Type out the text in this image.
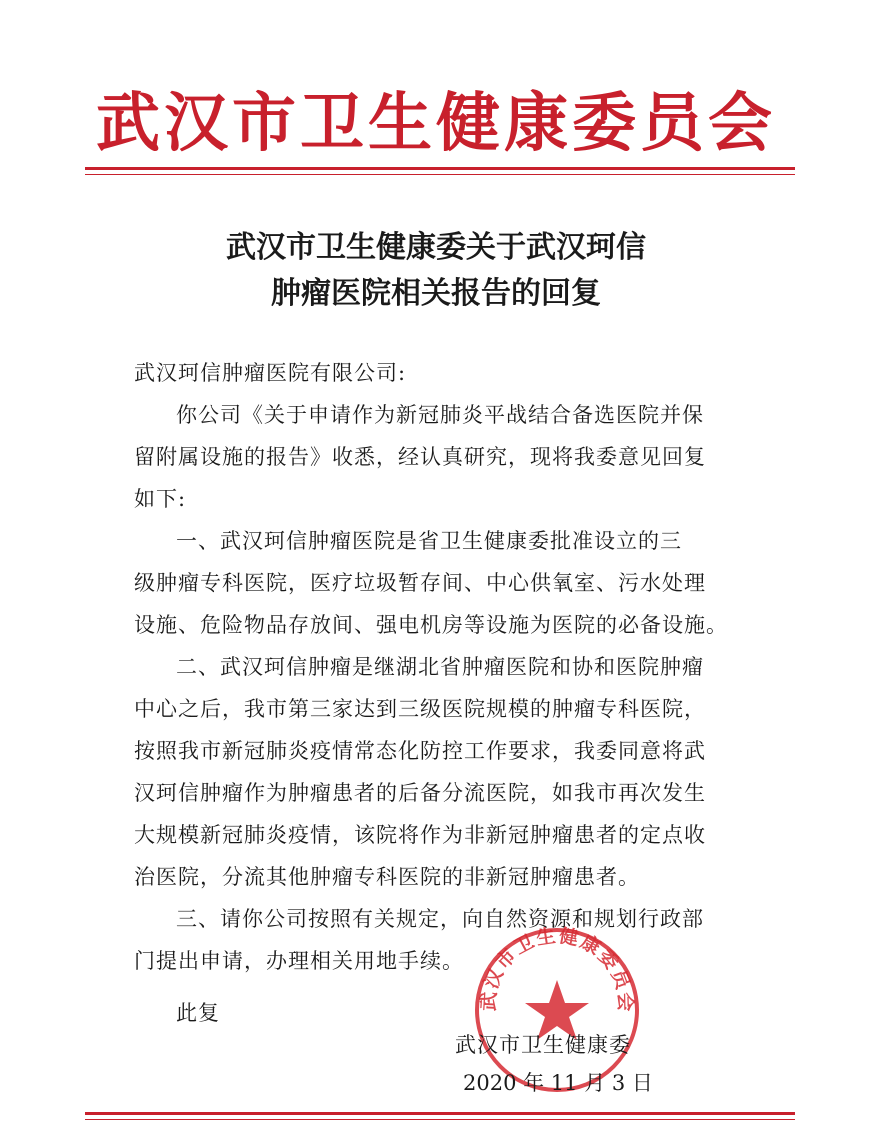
武汉市卫生健康委员会
武汉市卫生健康委关于武汉珂信
肿瘤医院相关报告的回复
武汉珂信肿瘤医院有限公司:
你公司《关于申请作为新冠肺炎平战结合备选医院并保
留附属设施的报告》收悉，经认真研究，现将我委意见回复
如下:
一、武汉珂信肿瘤医院是省卫生健康委批准设立的三
级肿瘤专科医院，医疗垃圾暂存间、中心供氧室、污水处理
设施、危险物品存放间、强电机房等设施为医院的必备设施。
二、武汉珂信肿瘤是继湖北省肿瘤医院和协和医院肿瘤
中心之后，我市第三家达到三级医院规模的肿瘤专科医院，
按照我市新冠肺炎疫情常态化防控工作要求，我委同意将武
汉珂信肿瘤作为肿瘤患者的后备分流医院，如我市再次发生
大规模新冠肺炎疫情，该院将作为非新冠肿瘤患者的定点收
治医院，分流其他肿瘤专科医院的非新冠肿瘤患者。
三、请你公司按照有关规定，向自然资源和规划行政部
门提出申请，办理相关用地手续。
此复
武汉市卫生健康委员会
武汉市卫生健康委
2020 年 11 月 3 日
